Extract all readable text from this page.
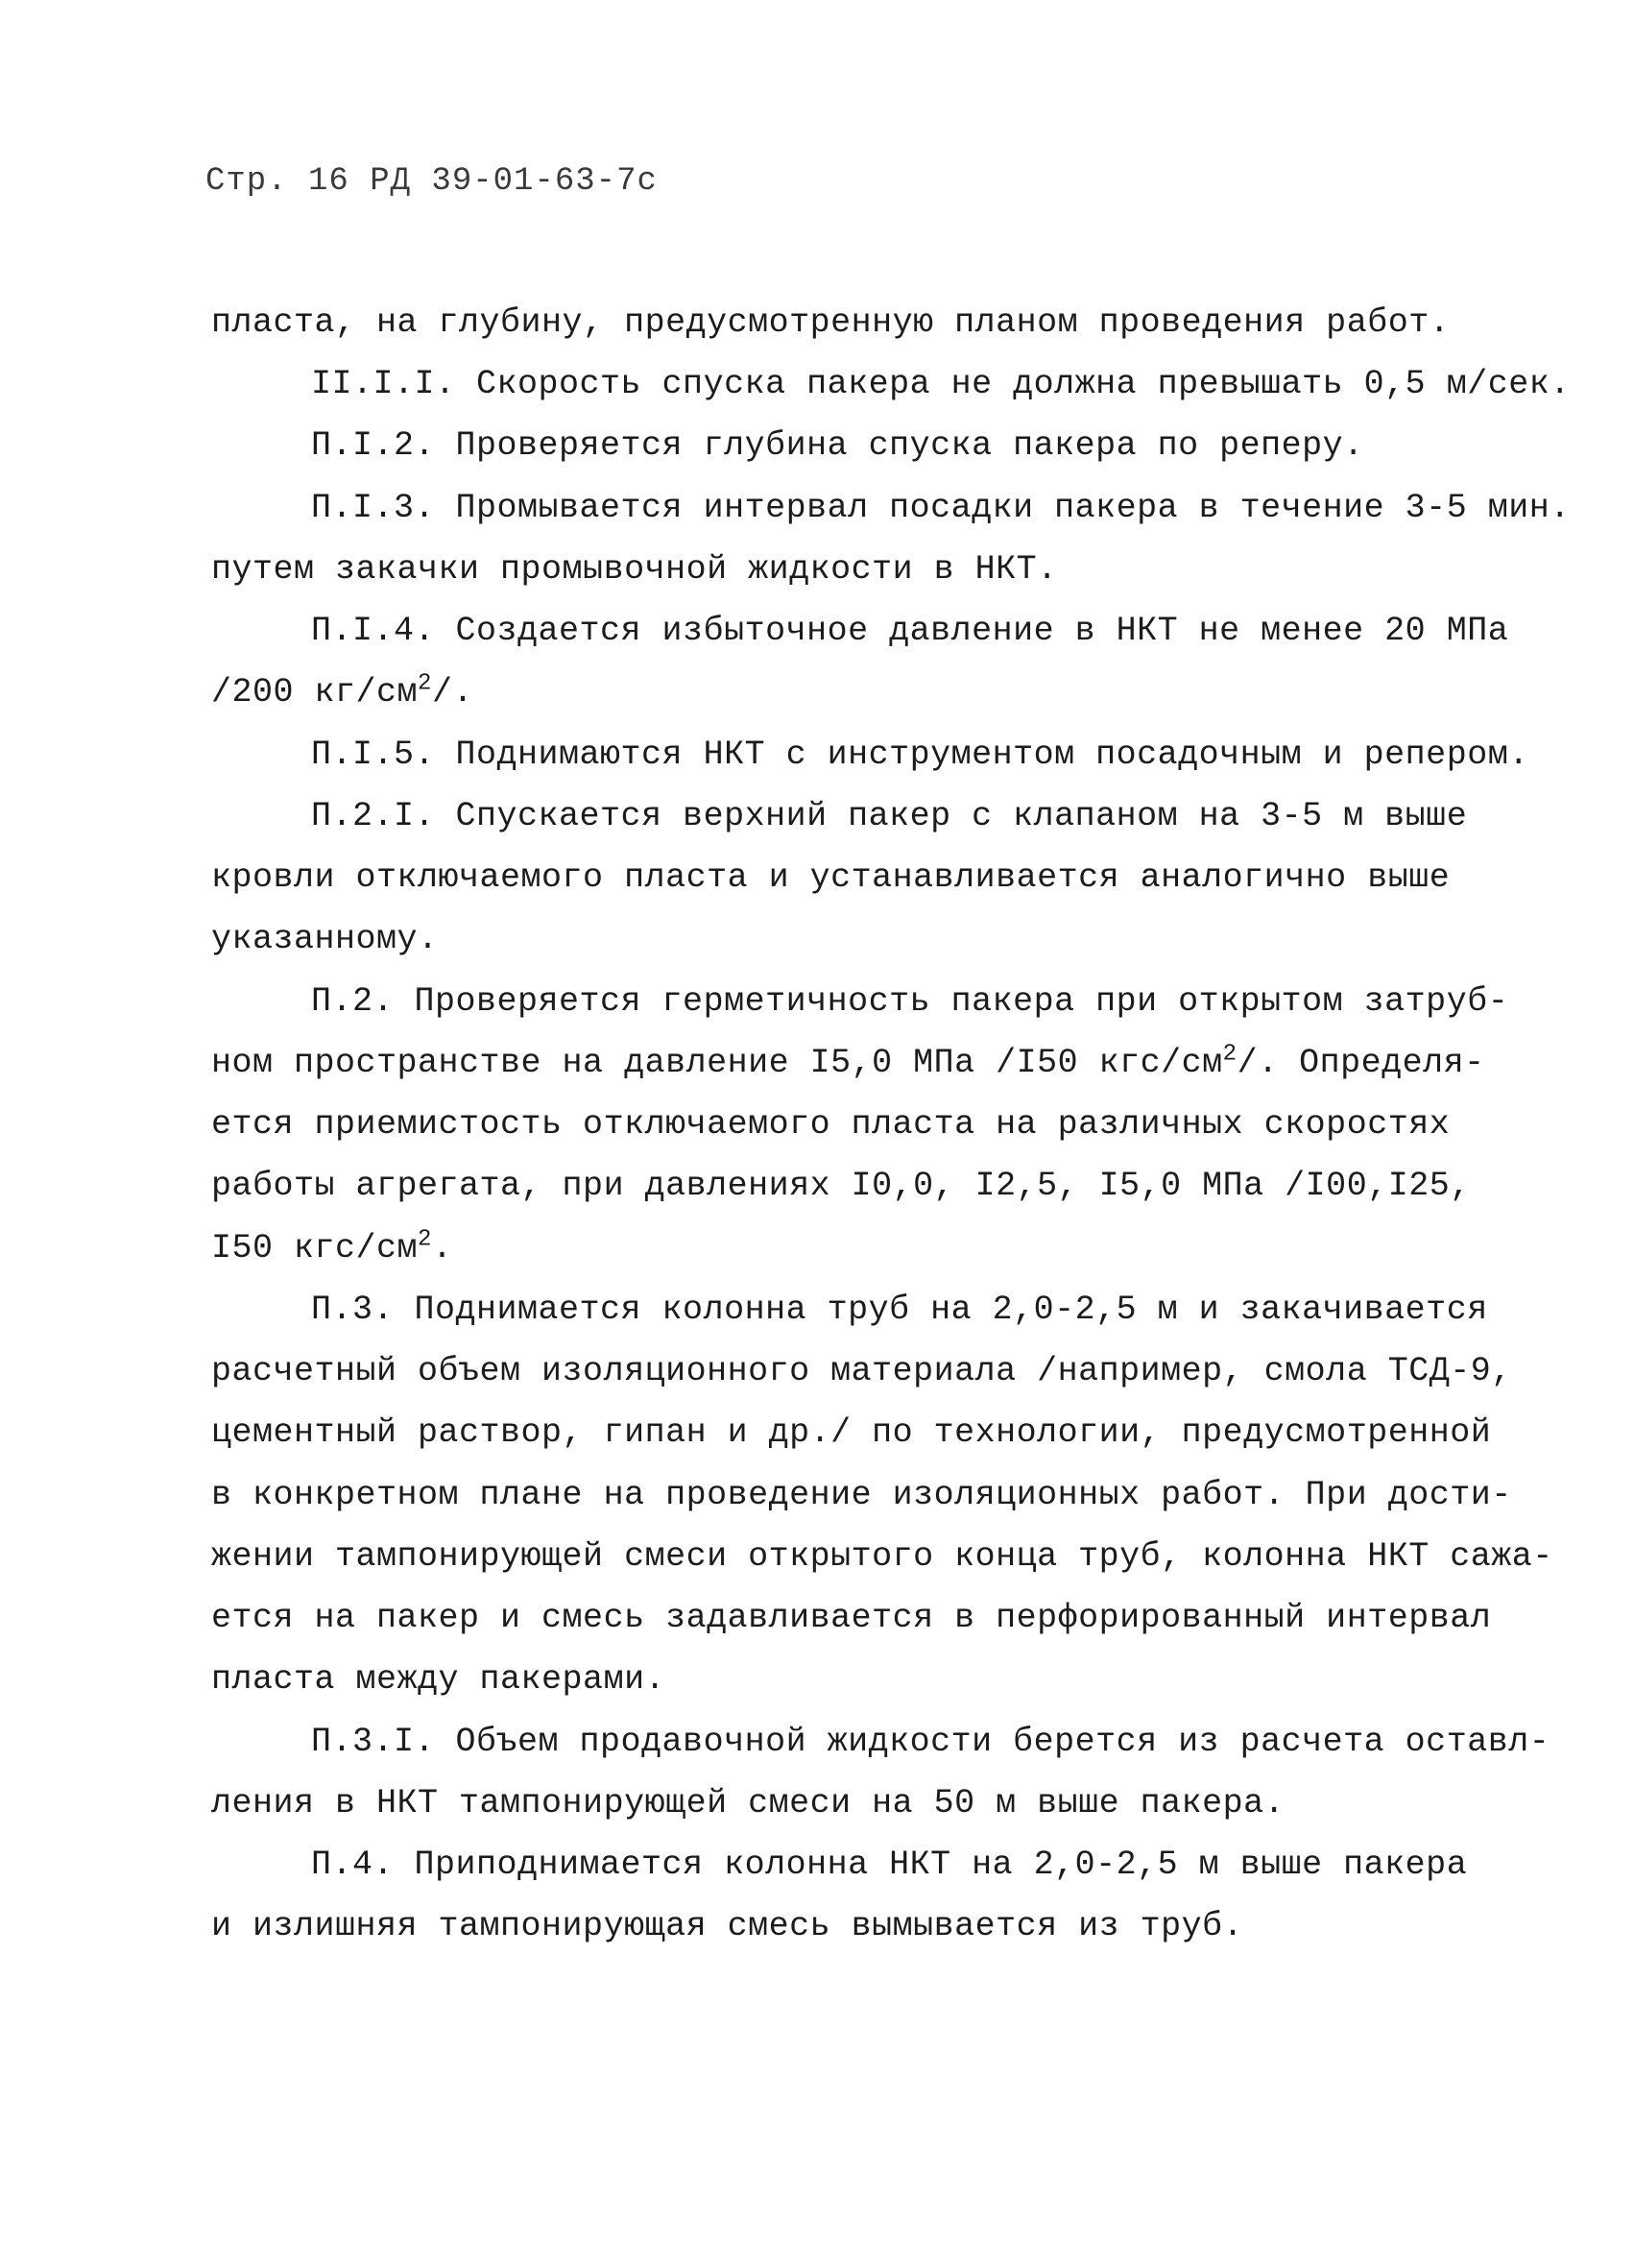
Стр. 16 РД 39-01-63-7с
пласта, на глубину, предусмотренную планом проведения работ.
II.I.I. Скорость спуска пакера не должна превышать 0,5 м/сек.
П.I.2. Проверяется глубина спуска пакера по реперу.
П.I.3. Промывается интервал посадки пакера в течение 3-5 мин.
путем закачки промывочной жидкости в НКТ.
П.I.4. Создается избыточное давление в НКТ не менее 20 МПа
/200 $кг/см^2/$.
П.I.5. Поднимаются НКТ с инструментом посадочным и репером.
П.2.I. Спускается верхний пакер с клапаном на 3-5 м выше
кровли отключаемого пласта и устанавливается аналогично выше
указанному.
П.2. Проверяется герметичность пакера при открытом затруб-
ном пространстве на давление I5,0 МПа /I50 кгс/$см^2/$. Определя-
ется приемистость отключаемого пласта на различных скоростях
работы агрегата, при давлениях I0,0, I2,5, I5,0 МПа /I00,I25,
I50 кгс/$см^2$.
П.3. Поднимается колонна труб на 2,0-2,5 м и закачивается
расчетный объем изоляционного материала /например, смола ТСД-9,
цементный раствор, гипан и др./ по технологии, предусмотренной
в конкретном плане на проведение изоляционных работ. При дости-
жении тампонирующей смеси открытого конца труб, колонна НКТ сажа-
ется на пакер и смесь задавливается в перфорированный интервал
пласта между пакерами.
П.3.I. Объем продавочной жидкости берется из расчета оставл-
ления в НКТ тампонирующей смеси на 50 м выше пакера.
П.4. Приподнимается колонна НКТ на 2,0-2,5 м выше пакера
и излишняя тампонирующая смесь вымывается из труб.
